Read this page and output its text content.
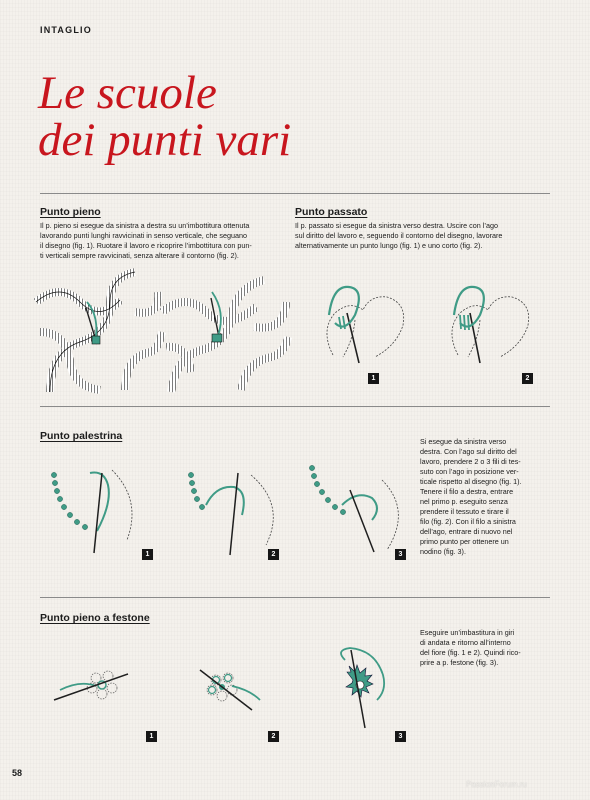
INTAGLIO
Le scuole
dei punti vari
Punto pieno

Il p. pieno si esegue da sinistra a destra su un’imbottitura ottenuta
lavorando punti lunghi ravvicinati in senso verticale, che seguano
il disegno (fig. 1). Ruotare il lavoro e ricoprire l’imbottitura con pun-
ti verticali sempre ravvicinati, senza alterare il contorno (fig. 2).

Punto passato

Il p. passato si esegue da sinistra verso destra. Uscire con l’ago
sul diritto del lavoro e, seguendo il contorno del disegno, lavorare
alternativamente un punto lungo (fig. 1) e uno corto (fig. 2).

1	2
Punto palestrina
1	2	3

Si esegue da sinistra verso
destra. Con l’ago sul diritto del
lavoro, prendere 2 o 3 fili di tes-
suto con l’ago in posizione ver-
ticale rispetto al disegno (fig. 1).
Tenere il filo a destra, entrare
nel primo p. eseguito senza
prendere il tessuto e tirare il
filo (fig. 2). Con il filo a sinistra
dell’ago, entrare di nuovo nel
primo punto per ottenere un
nodino (fig. 3).

Punto pieno a festone
1	2	3

Eseguire un’imbastitura in giri
di andata e ritorno all’interno
del fiore (fig. 1 e 2). Quindi rico-
prire a p. festone (fig. 3).

58
PassionForum.ru
